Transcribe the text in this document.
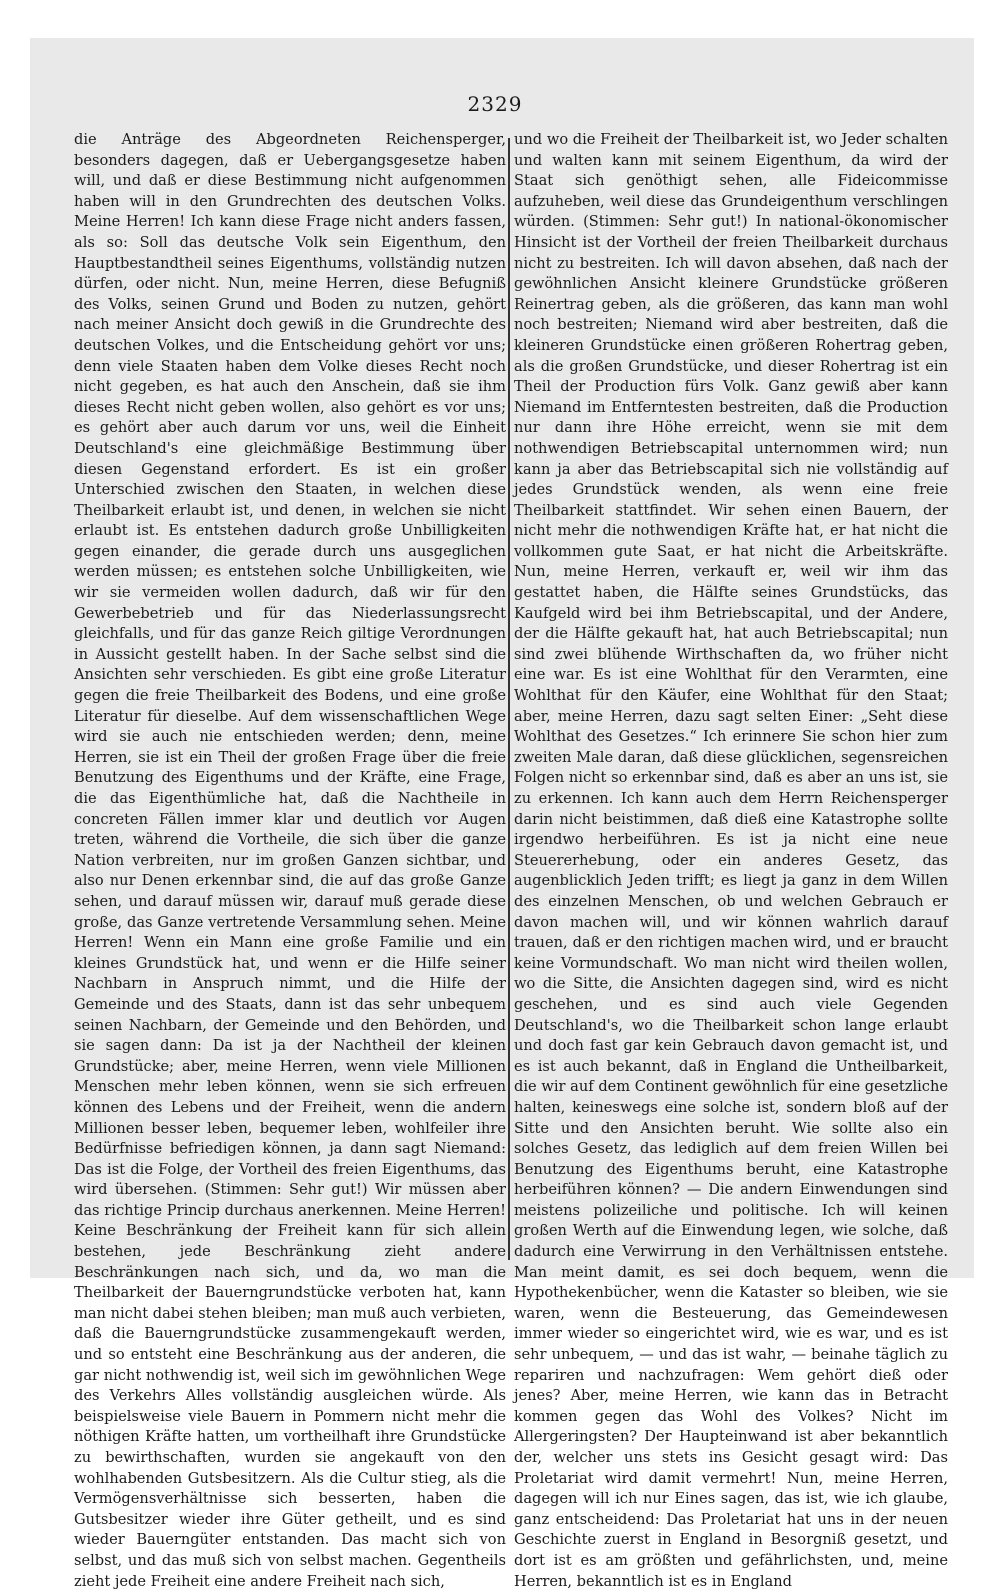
2329

die Anträge des Abgeordneten Reichensperger, besonders dagegen, daß er Uebergangsgesetze haben will, und daß er diese Bestimmung nicht aufgenommen haben will in den Grundrechten des deutschen Volks. Meine Herren! Ich kann diese Frage nicht anders fassen, als so: Soll das deutsche Volk sein Eigenthum, den Hauptbestandtheil seines Eigenthums, vollständig nutzen dürfen, oder nicht. Nun, meine Herren, diese Befugniß des Volks, seinen Grund und Boden zu nutzen, gehört nach meiner Ansicht doch gewiß in die Grundrechte des deutschen Volkes, und die Entscheidung gehört vor uns; denn viele Staaten haben dem Volke dieses Recht noch nicht gegeben, es hat auch den Anschein, daß sie ihm dieses Recht nicht geben wollen, also gehört es vor uns; es gehört aber auch darum vor uns, weil die Einheit Deutschland's eine gleichmäßige Bestimmung über diesen Gegenstand erfordert. Es ist ein großer Unterschied zwischen den Staaten, in welchen diese Theilbarkeit erlaubt ist, und denen, in welchen sie nicht erlaubt ist. Es entstehen dadurch große Unbilligkeiten gegen einander, die gerade durch uns ausgeglichen werden müssen; es entstehen solche Unbilligkeiten, wie wir sie vermeiden wollen dadurch, daß wir für den Gewerbebetrieb und für das Niederlassungsrecht gleichfalls, und für das ganze Reich giltige Verordnungen in Aussicht gestellt haben. In der Sache selbst sind die Ansichten sehr verschieden. Es gibt eine große Literatur gegen die freie Theilbarkeit des Bodens, und eine große Literatur für dieselbe. Auf dem wissenschaftlichen Wege wird sie auch nie entschieden werden; denn, meine Herren, sie ist ein Theil der großen Frage über die freie Benutzung des Eigenthums und der Kräfte, eine Frage, die das Eigenthümliche hat, daß die Nachtheile in concreten Fällen immer klar und deutlich vor Augen treten, während die Vortheile, die sich über die ganze Nation verbreiten, nur im großen Ganzen sichtbar, und also nur Denen erkennbar sind, die auf das große Ganze sehen, und darauf müssen wir, darauf muß gerade diese große, das Ganze vertretende Versammlung sehen. Meine Herren! Wenn ein Mann eine große Familie und ein kleines Grundstück hat, und wenn er die Hilfe seiner Nachbarn in Anspruch nimmt, und die Hilfe der Gemeinde und des Staats, dann ist das sehr unbequem seinen Nachbarn, der Gemeinde und den Behörden, und sie sagen dann: Da ist ja der Nachtheil der kleinen Grundstücke; aber, meine Herren, wenn viele Millionen Menschen mehr leben können, wenn sie sich erfreuen können des Lebens und der Freiheit, wenn die andern Millionen besser leben, bequemer leben, wohlfeiler ihre Bedürfnisse befriedigen können, ja dann sagt Niemand: Das ist die Folge, der Vortheil des freien Eigenthums, das wird übersehen. (Stimmen: Sehr gut!) Wir müssen aber das richtige Princip durchaus anerkennen. Meine Herren! Keine Beschränkung der Freiheit kann für sich allein bestehen, jede Beschränkung zieht andere Beschränkungen nach sich, und da, wo man die Theilbarkeit der Bauerngrundstücke verboten hat, kann man nicht dabei stehen bleiben; man muß auch verbieten, daß die Bauerngrundstücke zusammengekauft werden, und so entsteht eine Beschränkung aus der anderen, die gar nicht nothwendig ist, weil sich im gewöhnlichen Wege des Verkehrs Alles vollständig ausgleichen würde. Als beispielsweise viele Bauern in Pommern nicht mehr die nöthigen Kräfte hatten, um vortheilhaft ihre Grundstücke zu bewirthschaften, wurden sie angekauft von den wohlhabenden Gutsbesitzern. Als die Cultur stieg, als die Vermögensverhältnisse sich besserten, haben die Gutsbesitzer wieder ihre Güter getheilt, und es sind wieder Bauerngüter entstanden. Das macht sich von selbst, und das muß sich von selbst machen. Gegentheils zieht jede Freiheit eine andere Freiheit nach sich,

und wo die Freiheit der Theilbarkeit ist, wo Jeder schalten und walten kann mit seinem Eigenthum, da wird der Staat sich genöthigt sehen, alle Fideicommisse aufzuheben, weil diese das Grundeigenthum verschlingen würden. (Stimmen: Sehr gut!) In national-ökonomischer Hinsicht ist der Vortheil der freien Theilbarkeit durchaus nicht zu bestreiten. Ich will davon absehen, daß nach der gewöhnlichen Ansicht kleinere Grundstücke größeren Reinertrag geben, als die größeren, das kann man wohl noch bestreiten; Niemand wird aber bestreiten, daß die kleineren Grundstücke einen größeren Rohertrag geben, als die großen Grundstücke, und dieser Rohertrag ist ein Theil der Production fürs Volk. Ganz gewiß aber kann Niemand im Entferntesten bestreiten, daß die Production nur dann ihre Höhe erreicht, wenn sie mit dem nothwendigen Betriebscapital unternommen wird; nun kann ja aber das Betriebscapital sich nie vollständig auf jedes Grundstück wenden, als wenn eine freie Theilbarkeit stattfindet. Wir sehen einen Bauern, der nicht mehr die nothwendigen Kräfte hat, er hat nicht die vollkommen gute Saat, er hat nicht die Arbeitskräfte. Nun, meine Herren, verkauft er, weil wir ihm das gestattet haben, die Hälfte seines Grundstücks, das Kaufgeld wird bei ihm Betriebscapital, und der Andere, der die Hälfte gekauft hat, hat auch Betriebscapital; nun sind zwei blühende Wirthschaften da, wo früher nicht eine war. Es ist eine Wohlthat für den Verarmten, eine Wohlthat für den Käufer, eine Wohlthat für den Staat; aber, meine Herren, dazu sagt selten Einer: „Seht diese Wohlthat des Gesetzes.“ Ich erinnere Sie schon hier zum zweiten Male daran, daß diese glücklichen, segensreichen Folgen nicht so erkennbar sind, daß es aber an uns ist, sie zu erkennen. Ich kann auch dem Herrn Reichensperger darin nicht beistimmen, daß dieß eine Katastrophe sollte irgendwo herbeiführen. Es ist ja nicht eine neue Steuererhebung, oder ein anderes Gesetz, das augenblicklich Jeden trifft; es liegt ja ganz in dem Willen des einzelnen Menschen, ob und welchen Gebrauch er davon machen will, und wir können wahrlich darauf trauen, daß er den richtigen machen wird, und er braucht keine Vormundschaft. Wo man nicht wird theilen wollen, wo die Sitte, die Ansichten dagegen sind, wird es nicht geschehen, und es sind auch viele Gegenden Deutschland's, wo die Theilbarkeit schon lange erlaubt und doch fast gar kein Gebrauch davon gemacht ist, und es ist auch bekannt, daß in England die Untheilbarkeit, die wir auf dem Continent gewöhnlich für eine gesetzliche halten, keineswegs eine solche ist, sondern bloß auf der Sitte und den Ansichten beruht. Wie sollte also ein solches Gesetz, das lediglich auf dem freien Willen bei Benutzung des Eigenthums beruht, eine Katastrophe herbeiführen können? — Die andern Einwendungen sind meistens polizeiliche und politische. Ich will keinen großen Werth auf die Einwendung legen, wie solche, daß dadurch eine Verwirrung in den Verhältnissen entstehe. Man meint damit, es sei doch bequem, wenn die Hypothekenbücher, wenn die Kataster so bleiben, wie sie waren, wenn die Besteuerung, das Gemeindewesen immer wieder so eingerichtet wird, wie es war, und es ist sehr unbequem, — und das ist wahr, — beinahe täglich zu repariren und nachzufragen: Wem gehört dieß oder jenes? Aber, meine Herren, wie kann das in Betracht kommen gegen das Wohl des Volkes? Nicht im Allergeringsten? Der Haupteinwand ist aber bekanntlich der, welcher uns stets ins Gesicht gesagt wird: Das Proletariat wird damit vermehrt! Nun, meine Herren, dagegen will ich nur Eines sagen, das ist, wie ich glaube, ganz entscheidend: Das Proletariat hat uns in der neuen Geschichte zuerst in England in Besorgniß gesetzt, und dort ist es am größten und gefährlichsten, und, meine Herren, bekanntlich ist es in England
